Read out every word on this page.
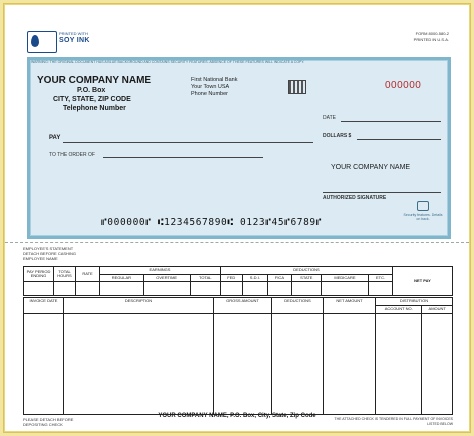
PRINTED WITH
SOY INK
FORM 8000-580-2
PRINTED IN U.S.A.
WARNING: THE ORIGINAL DOCUMENT HAS A BLUE BACKGROUND AND CONTAINS SECURITY FEATURES. ABSENCE OF THESE FEATURES WILL INDICATE A COPY.
YOUR COMPANY NAME
P.O. Box
CITY, STATE, ZIP CODE
Telephone Number
First National Bank
Your Town USA
Phone Number
000000
DATE
DOLLARS $
PAY
TO THE ORDER OF
YOUR COMPANY NAME
AUTHORIZED SIGNATURE
Security features. Details on back.
⑈000000⑈ ⑆1234567890⑆ 0123⑈45⑈6789⑈
EMPLOYEE'S STATEMENT
DETACH BEFORE CASHING
EMPLOYEE NAME
PAY PERIOD ENDING	TOTAL HOURS	RATE	EARNINGS			DEDUCTIONS						NET PAY
			REGULAR	OVERTIME	TOTAL	FED	S.D.I.	FICA	STATE	MEDICARE	ETC.	

INVOICE DATE	DESCRIPTION	GROSS AMOUNT	DEDUCTIONS	NET AMOUNT	DISTRIBUTION	
					ACCOUNT NO.	AMOUNT

PLEASE DETACH BEFORE
DEPOSITING CHECK
YOUR COMPANY NAME, P.O. Box, City, State, Zip Code	THE ATTACHED CHECK IS TENDERED IN FULL PAYMENT OF INVOICES LISTED BELOW
